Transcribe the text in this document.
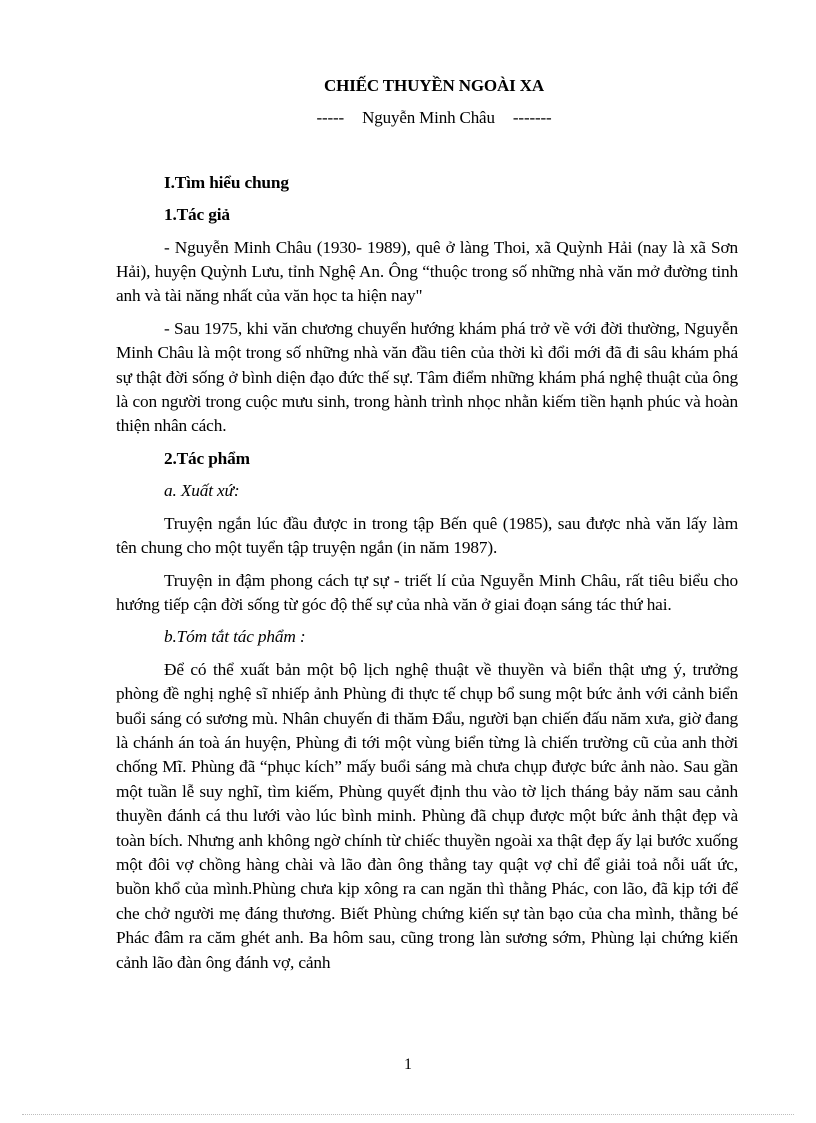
CHIẾC THUYỀN NGOÀI XA
----- Nguyễn Minh Châu -------
I.Tìm hiểu chung
1.Tác giả

- Nguyễn Minh Châu (1930- 1989), quê ở làng Thoi, xã Quỳnh Hải (nay là xã Sơn Hải), huyện Quỳnh Lưu, tỉnh Nghệ An. Ông “thuộc trong số những nhà văn mở đường tinh anh và tài năng nhất của văn học ta hiện nay"

- Sau 1975, khi văn chương chuyển hướng khám phá trở về với đời thường, Nguyễn Minh Châu là một trong số những nhà văn đầu tiên của thời kì đổi mới đã đi sâu khám phá sự thật đời sống ở bình diện đạo đức thế sự. Tâm điểm những khám phá nghệ thuật của ông là con người trong cuộc mưu sinh, trong hành trình nhọc nhằn kiếm tiền hạnh phúc và hoàn thiện nhân cách.

2.Tác phẩm
a. Xuất xứ:

Truyện ngắn lúc đầu được in trong tập Bến quê (1985), sau được nhà văn lấy làm tên chung cho một tuyển tập truyện ngắn (in năm 1987).

Truyện in đậm phong cách tự sự - triết lí của Nguyễn Minh Châu, rất tiêu biểu cho hướng tiếp cận đời sống từ góc độ thế sự của nhà văn ở giai đoạn sáng tác thứ hai.

b.Tóm tắt tác phẩm :

Để có thể xuất bản một bộ lịch nghệ thuật về thuyền và biển thật ưng ý, trưởng phòng đề nghị nghệ sĩ nhiếp ảnh Phùng đi thực tế chụp bổ sung một bức ảnh với cảnh biển buổi sáng có sương mù. Nhân chuyến đi thăm Đẩu, người bạn chiến đấu năm xưa, giờ đang là chánh án toà án huyện, Phùng đi tới một vùng biển từng là chiến trường cũ của anh thời chống Mĩ. Phùng đã “phục kích” mấy buổi sáng mà chưa chụp được bức ảnh nào. Sau gần một tuần lễ suy nghĩ, tìm kiếm, Phùng quyết định thu vào tờ lịch tháng bảy năm sau cảnh thuyền đánh cá thu lưới vào lúc bình minh. Phùng đã chụp được một bức ảnh thật đẹp và toàn bích. Nhưng anh không ngờ chính từ chiếc thuyền ngoài xa thật đẹp ấy lại bước xuống một đôi vợ chồng hàng chài và lão đàn ông thẳng tay quật vợ chỉ để giải toả nỗi uất ức, buồn khổ của mình.Phùng chưa kịp xông ra can ngăn thì thằng Phác, con lão, đã kịp tới để che chở người mẹ đáng thương. Biết Phùng chứng kiến sự tàn bạo của cha mình, thằng bé Phác đâm ra căm ghét anh. Ba hôm sau, cũng trong làn sương sớm, Phùng lại chứng kiến cảnh lão đàn ông đánh vợ, cảnh

1
